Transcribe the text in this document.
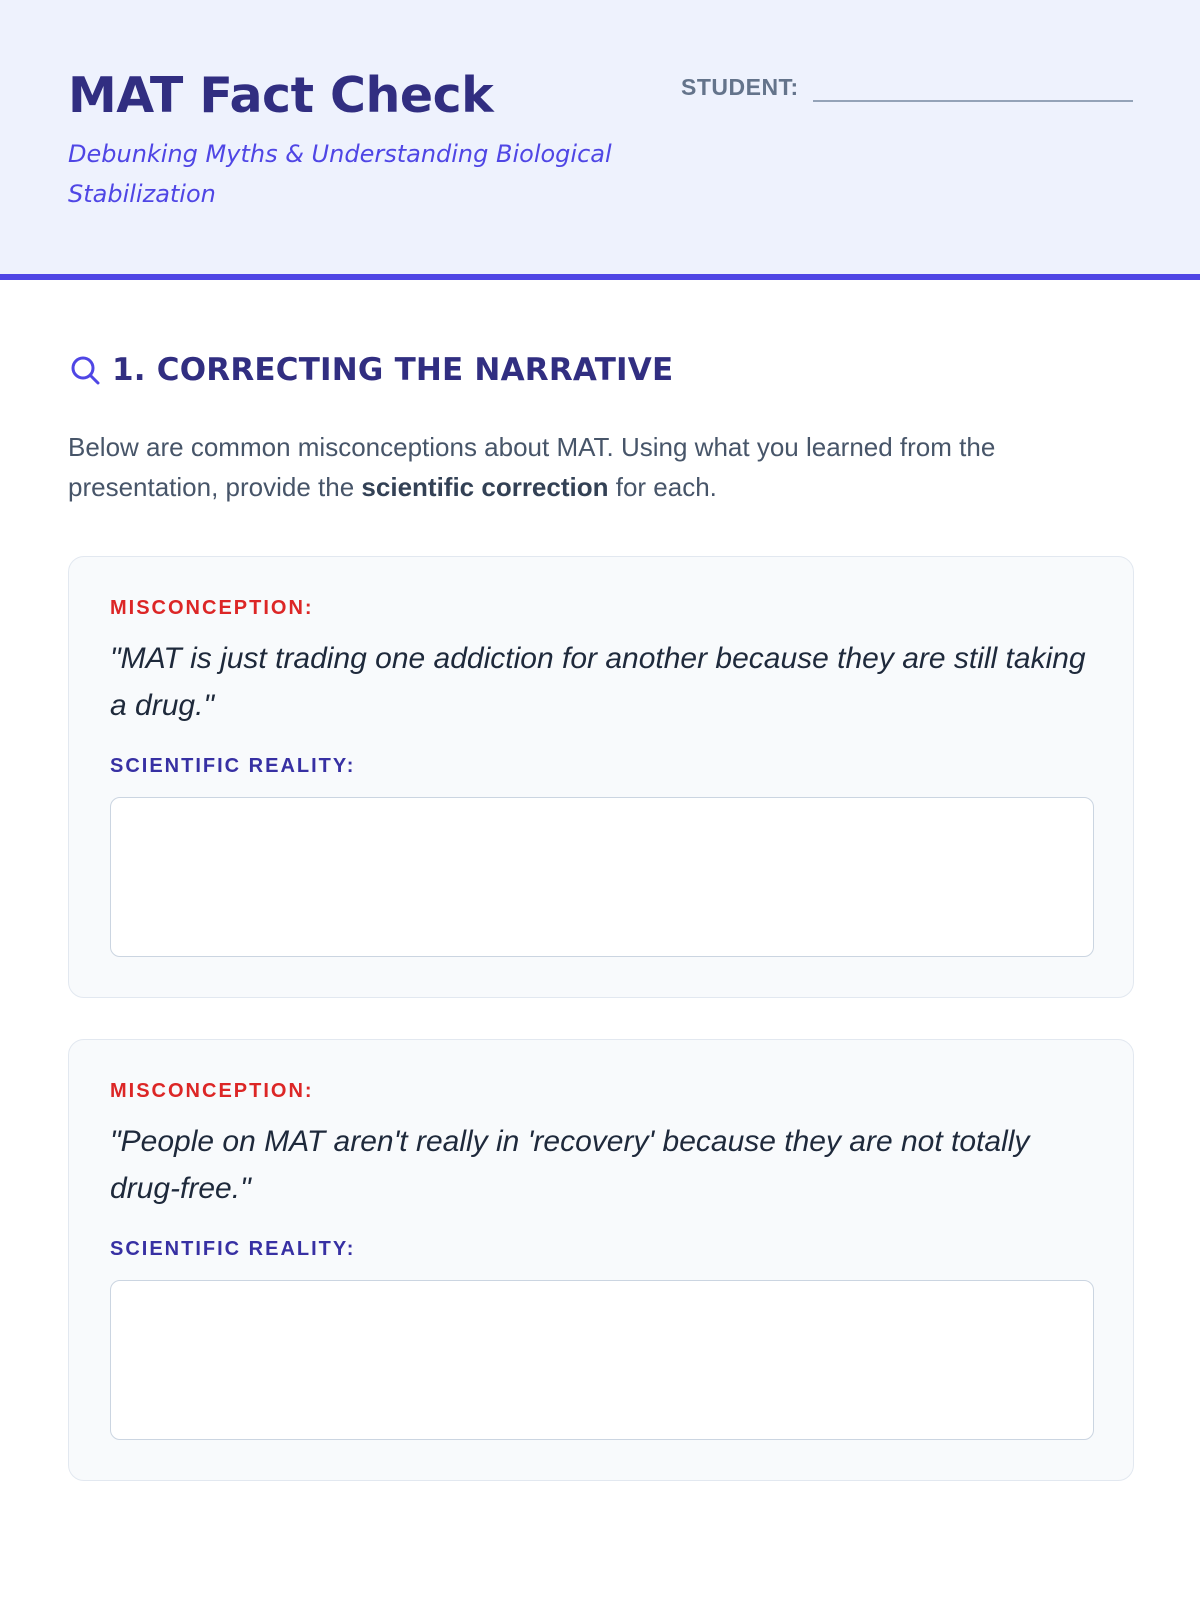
MAT Fact Check
Debunking Myths & Understanding Biological Stabilization
STUDENT:
1. CORRECTING THE NARRATIVE

Below are common misconceptions about MAT. Using what you learned from the presentation, provide the scientific correction for each.

MISCONCEPTION:
"MAT is just trading one addiction for another because they are still taking a drug."
SCIENTIFIC REALITY:
MISCONCEPTION:
"People on MAT aren't really in 'recovery' because they are not totally drug-free."
SCIENTIFIC REALITY:
